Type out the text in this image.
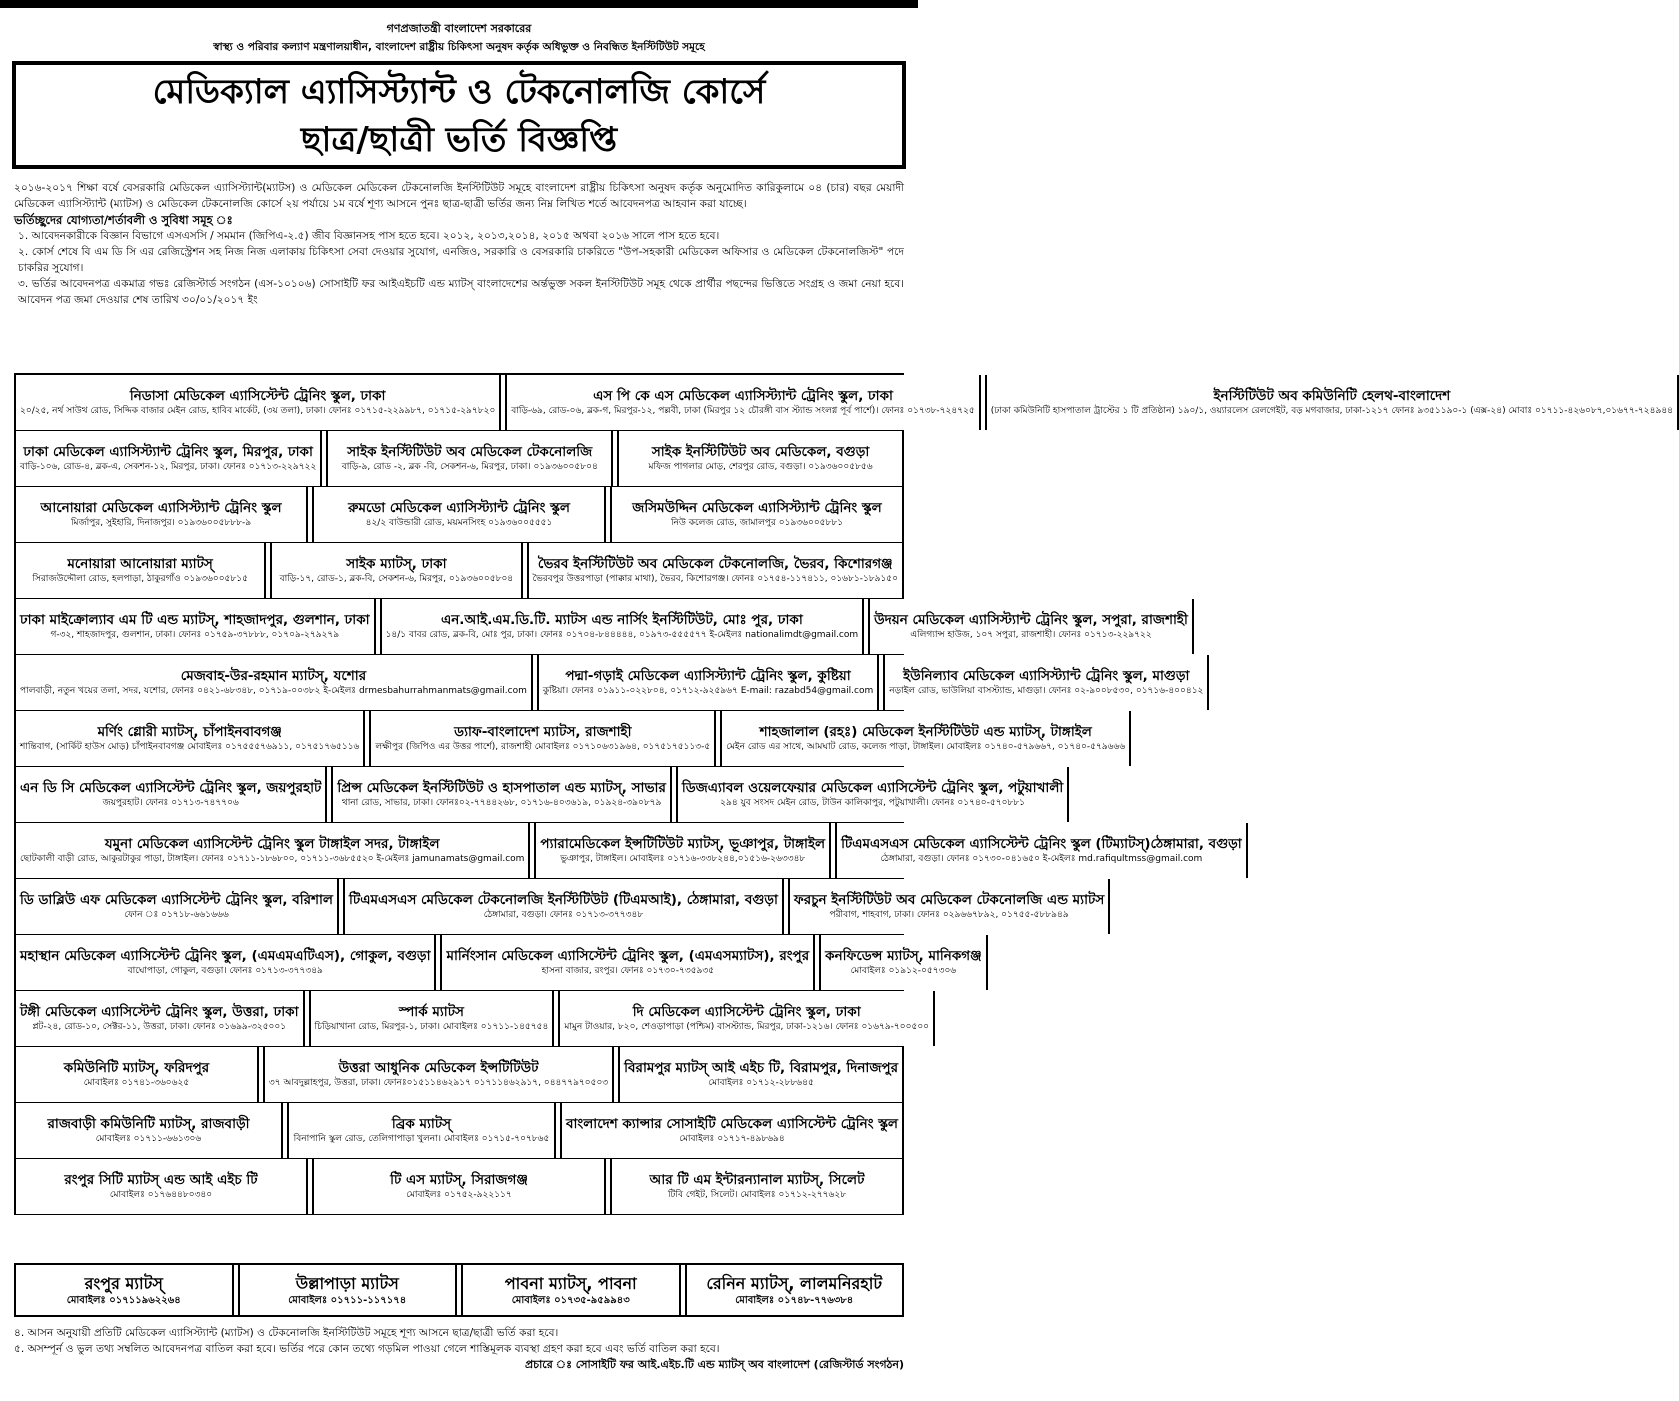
গণপ্রজাতন্ত্রী বাংলাদেশ সরকারের
স্বাস্থ্য ও পরিবার কল্যাণ মন্ত্রণালয়াধীন, বাংলাদেশ রাষ্ট্রীয় চিকিৎসা অনুষদ কর্তৃক অধিভুক্ত ও নিবন্ধিত ইনস্টিটিউট সমূহে
মেডিক্যাল এ্যাসিস্ট্যান্ট ও টেকনোলজি কোর্সে
ছাত্র/ছাত্রী ভর্তি বিজ্ঞপ্তি

২০১৬-২০১৭ শিক্ষা বর্ষে বেসরকারি মেডিকেল এ্যাসিস্ট্যান্ট(ম্যাটস) ও মেডিকেল মেডিকেল টেকনোলজি ইনস্টিটিউট সমূহে বাংলাদেশ রাষ্ট্রীয় চিকিৎসা অনুষদ কর্তৃক অনুমোদিত কারিকুলামে ০৪ (চার) বছর মেয়াদী মেডিকেল এ্যাসিস্ট্যান্ট (ম্যাটস) ও মেডিকেল টেকনোলজি কোর্সে ২য় পর্যায়ে ১ম বর্ষে শূণ্য আসনে পুনঃ ছাত্র-ছাত্রী ভর্তির জন্য নিম্ন লিখিত শর্তে আবেদনপত্র আহবান করা যাচ্ছে।

ভর্তিচ্ছুদের যোগ্যতা/শর্তাবলী ও সুবিধা সমূহ ঃ

১. আবেদনকারীকে বিজ্ঞান বিভাগে এসএসসি / সমমান (জিপিএ-২.৫) জীব বিজ্ঞানসহ পাস হতে হবে। ২০১২, ২০১৩,২০১৪, ২০১৫ অথবা ২০১৬ সালে পাস হতে হবে।

২. কোর্স শেষে বি এম ডি সি এর রেজিস্ট্রেশন সহ নিজ নিজ এলাকায় চিকিৎসা সেবা দেওয়ার সুযোগ, এনজিও, সরকারি ও বেসরকারি চাকরিতে "উপ-সহকারী মেডিকেল অফিসার ও মেডিকেল টেকনোলজিস্ট" পদে চাকরির সুযোগ।

৩. ভর্তির আবেদনপত্র একমাত্র গভঃ রেজিস্টার্ড সংগঠন (এস-১০১০৬) সোসাইটি ফর আইএইচটি এন্ড ম্যাটস্ বাংলাদেশের অর্ন্তভুক্ত সকল ইনস্টিটিউট সমূহ থেকে প্রার্থীর পছন্দের ভিত্তিতে সংগ্রহ ও জমা নেয়া হবে। আবেদন পত্র জমা দেওয়ার শেষ তারিখ ৩০/০১/২০১৭ ইং

নিডাসা মেডিকেল এ্যাসিস্টেন্ট ট্রেনিং স্কুল, ঢাকা
২০/২৫, নর্থ সাউথ রোড, সিদ্দিক বাজার মেইন রোড, হাবিব মার্কেট, (৩য় তলা), ঢাকা। ফোনঃ ০১৭১৫-২২৯৯৮৭, ০১৭১৫-২৯৭৮২০
এস পি কে এস মেডিকেল এ্যাসিস্ট্যান্ট ট্রেনিং স্কুল, ঢাকা
বাড়ি-৬৯, রোড-০৬, ব্লক-গ, মিরপুর-১২, পল্লবী, ঢাকা (মিরপুর ১২ চৌরঙ্গী বাস স্ট্যান্ড সংলগ্ন পূর্ব পার্শে)। ফোনঃ ০১৭৩৮-৭২৪৭২৫
ইনস্টিটিউট অব কমিউনিটি হেলথ-বাংলাদেশ
(ঢাকা কমিউনিটি হাসপাতাল ট্রাস্টের ১ টি প্রতিষ্ঠান) ১৯০/১, ওয়্যারলেস রেলগেইট, বড় মগবাজার, ঢাকা-১২১৭ ফোনঃ ৯৩৫১১৯০-১ (এক্স-২৪) মোবাঃ ০১৭১১-৪২৬০৮৭,০১৬৭৭-৭২৪৯৪৪
ঢাকা মেডিকেল এ্যাসিস্ট্যান্ট ট্রেনিং স্কুল, মিরপুর, ঢাকা
বাড়ি-১০৬, রোড-৪, ব্লক-এ, সেকশন-১২, মিরপুর, ঢাকা। ফোনঃ ০১৭১৩-২২৯৭২২
সাইক ইনস্টিটিউট অব মেডিকেল টেকনোলজি
বাড়ি-৯, রোড -২, ব্লক -বি, সেকশন-৬, মিরপুর, ঢাকা। ০১৯৩৬০০৫৮০৪
সাইক ইনস্টিটিউট অব মেডিকেল, বগুড়া
মফিজ পাগলার মোড়, শেরপুর রোড, বগুড়া। ০১৯৩৬০০৫৮৫৬
আনোয়ারা মেডিকেল এ্যাসিস্ট্যান্ট ট্রেনিং স্কুল
মির্জাপুর, সুইহারি, দিনাজপুর। ০১৯৩৬০০৫৮৮৮-৯
রুমডো মেডিকেল এ্যাসিস্ট্যান্ট ট্রেনিং স্কুল
৪২/২ বাউন্ডারী রোড, ময়মনসিংহ ০১৯৩৬০০৫৫৫১
জসিমউদ্দিন মেডিকেল এ্যাসিস্ট্যান্ট ট্রেনিং স্কুল
নিউ কলেজ রোড, জামালপুর ০১৯৩৬০০৫৮৮১
মনোয়ারা আনোয়ারা ম্যাটস্
সিরাজউদ্দৌলা রোড, হলপাড়া, ঠাকুরগাঁও ০১৯৩৬০০৫৮১৫
সাইক ম্যাটস্, ঢাকা
বাড়ি-১৭, রোড-১, ব্লক-বি, সেকশন-৬, মিরপুর, ০১৯৩৬০০৫৮০৪
ভৈরব ইনস্টিটিউট অব মেডিকেল টেকনোলজি, ভৈরব, কিশোরগঞ্জ
ভৈরবপুর উত্তরপাড়া (পাক্কার মাথা), ভৈরব, কিশোরগঞ্জ। ফোনঃ ০১৭৫৪-১১৭৪১১, ০১৬৮১-১৮৯১৫০
ঢাকা মাইক্রোল্যাব এম টি এন্ড ম্যাটস্, শাহজাদপুর, গুলশান, ঢাকা
গ-৩২, শাহজাদপুর, গুলশান, ঢাকা। ফোনঃ ০১৭৫৯-৩৭৮৮৮, ০১৭০৯-২৭৯২৭৯
এন.আই.এম.ডি.টি. ম্যাটস এন্ড নার্সিং ইনস্টিটিউট, মোঃ পুর, ঢাকা
১৪/১ বাবর রোড, ব্লক-বি, মোঃ পুর, ঢাকা। ফোনঃ ০১৭০৪-৮৪৪৪৪৪, ০১৯৭৩-৫৫৫৫৭৭ ই-মেইলঃ nationalimdt@gmail.com
উদয়ন মেডিকেল এ্যাসিস্ট্যান্ট ট্রেনিং স্কুল, সপুরা, রাজশাহী
এলিগ্যান্স হাউজ, ১০৭ সপুরা, রাজশাহী। ফোনঃ ০১৭১৩-২২৯৭২২
মেজবাহ-উর-রহমান ম্যাটস্, যশোর
পালবাড়ী, নতুন খয়ের তলা, সদর, যশোর, ফোনঃ ০৪২১-৬৮৩৪৮, ০১৭১৯-০০৩৮২ ই-মেইলঃ drmesbahurrahmanmats@gmail.com
পদ্মা-গড়াই মেডিকেল এ্যাসিস্ট্যান্ট ট্রেনিং স্কুল, কুষ্টিয়া
কুষ্টিয়া। ফোনঃ ০১৯১১-০২২৮০৪, ০১৭১২-৯২৫৯৬৭ E-mail: razabd54@gmail.com
ইউনিল্যাব মেডিকেল এ্যাসিস্ট্যান্ট ট্রেনিং স্কুল, মাগুড়া
নড়াইল রোড, ভাউলিয়া বাসস্ট্যান্ড, মাগুড়া। ফোনঃ ০২-৯০০৮৫৩০, ০১৭১৬-৪০০৪১২
মর্ণিং গ্লোরী ম্যাটস্, চাঁপাইনবাবগঞ্জ
শান্তিবাগ, (সার্কিট হাউস মোড়) চাঁপাইনবাবগঞ্জ মোবাইলঃ ০১৭৫৫৫৭৬৯১১, ০১৭৫১৭৬৫১১৬
ড্যাফ-বাংলাদেশ ম্যাটস, রাজশাহী
লক্ষীপুর (জিপিও এর উত্তর পার্শে), রাজশাহী মোবাইলঃ ০১৭১০৬৩১৯৬৪, ০১৭৫১৭৫১১৩-৫
শাহজালাল (রহঃ) মেডিকেল ইনস্টিটিউট এন্ড ম্যাটস্, টাঙ্গাইল
মেইন রোড এর সাথে, আমঘাট রোড, কলেজ পাড়া, টাঙ্গাইল। মোবাইলঃ ০১৭৪০-৫৭৯৬৬৭, ০১৭৪০-৫৭৯৬৬৬
এন ডি সি মেডিকেল এ্যাসিস্টেন্ট ট্রেনিং স্কুল, জয়পুরহাট
জয়পুরহাট। ফোনঃ ০১৭১৩-৭৪৭৭০৬
প্রিন্স মেডিকেল ইনস্টিটিউট ও হাসপাতাল এন্ড ম্যাটস্, সাভার
থানা রোড, সাভার, ঢাকা। ফোনঃ০২-৭৭৪৪২৬৮, ০১৭১৬-৪০৩৬১৯, ০১৯২৪-৩৯০৮৭৯
ডিজএ্যাবল ওয়েলফেয়ার মেডিকেল এ্যাসিস্টেন্ট ট্রেনিং স্কুল, পটুয়াখালী
২৯৪ যুব সংসদ মেইন রোড, টাউন কালিকাপুর, পটুয়াখালী। ফোনঃ ০১৭৪০-৫৭০৮৮১
যমুনা মেডিকেল এ্যাসিস্টেন্ট ট্রেনিং স্কুল টাঙ্গাইল সদর, টাঙ্গাইল
ছোটকালী বাড়ী রোড, আকুরটাকুর পাড়া, টাঙ্গাইল। ফোনঃ ০১৭১১-১৮৬৮০০, ০১৭১১-৩৬৮৫৫২০ ই-মেইলঃ jamunamats@gmail.com
প্যারামেডিকেল ইন্সটিটিউট ম্যাটস্, ভূঞাপুর, টাঙ্গাইল
ভুঞাপুর, টাঙ্গাইল। মোবাইলঃ ০১৭১৬-৩৩৮২৪৪,০১৫১৬-২৬৩৩৪৮
টিএমএসএস মেডিকেল এ্যাসিস্টেন্ট ট্রেনিং স্কুল (টিম্যাটস্)ঠেঙ্গামারা, বগুড়া
ঠেঙ্গামারা, বগুড়া। ফোনঃ ০১৭৩০-০৪১৬৫০ ই-মেইলঃ md.rafiqultmss@gmail.com
ডি ডাব্লিউ এফ মেডিকেল এ্যাসিস্টেন্ট ট্রেনিং স্কুল, বরিশাল
ফোন ঃ ০১৭১৮-৬৬১৬৬৬
টিএমএসএস মেডিকেল টেকনোলজি ইনস্টিটিউট (টিএমআই), ঠেঙ্গামারা, বগুড়া
ঠেঙ্গামারা, বগুড়া। ফোনঃ ০১৭১৩-৩৭৭৩৪৮
ফরচুন ইনস্টিটিউট অব মেডিকেল টেকনোলজি এন্ড ম্যাটস
পরীবাগ, শাহবাগ, ঢাকা। ফোনঃ ০২৯৬৬৭৮৯২, ০১৭৫৫-৫৮৮৯৪৯
মহাস্থান মেডিকেল এ্যাসিস্টেন্ট ট্রেনিং স্কুল, (এমএমএটিএস), গোকুল, বগুড়া
বাঘোপাড়া, গোকুল, বগুড়া। ফোনঃ ০১৭১৩-৩৭৭৩৪৯
মার্নিংসান মেডিকেল এ্যাসিস্টেন্ট ট্রেনিং স্কুল, (এমএসম্যাটস), রংপুর
হাসনা বাজার, রংপুর। ফোনঃ ০১৭৩০-৭৩৫৯৩৫
কনফিডেন্স ম্যাটস্, মানিকগঞ্জ
মোবাইলঃ ০১৯১২-০৫৭৩০৬
টঙ্গী মেডিকেল এ্যাসিস্টেন্ট ট্রেনিং স্কুল, উত্তরা, ঢাকা
প্লট-২৪, রোড-১০, সেক্টর-১১, উত্তরা, ঢাকা। ফোনঃ ০১৬৯৯-৩২৫০০১
স্পার্ক ম্যাটস
চিড়িয়াখানা রোড, মিরপুর-১, ঢাকা। মোবাইলঃ ০১৭১১-১৪৫৭৫৪
দি মেডিকেল এ্যাসিস্টেন্ট ট্রেনিং স্কুল, ঢাকা
মামুন টাওয়ার, ৮২০, শেওড়াপাড়া (পশ্চিম) বাসস্ট্যান্ড, মিরপুর, ঢাকা-১২১৬। ফোনঃ ০১৬৭৯-৭০০৫০০
কমিউনিটি ম্যাটস্, ফরিদপুর
মোবাইলঃ ০১৭৪১-৩৬০৬২৫
উত্তরা আধুনিক মেডিকেল ইন্সটিটিউট
৩৭ আবদুল্লাহপুর, উত্তরা, ঢাকা। ফোনঃ০১৫১১৪৬২৯১৭ ০১৭১১৪৬২৯১৭, ০৪৪৭৭৯৭০৫০৩
বিরামপুর ম্যাটস্ আই এইচ টি, বিরামপুর, দিনাজপুর
মোবাইলঃ ০১৭১২-২৮৮৬৪৫
রাজবাড়ী কমিউনিটি ম্যাটস্, রাজবাড়ী
মোবাইলঃ ০১৭১১-৬৬১৩০৬
ব্রিক ম্যাটস্
বিনাপানি স্কুল রোড, তেলিগাপাড়া খুলনা। মোবাইলঃ ০১৭১৫-৭০৭৮৬৫
বাংলাদেশ ক্যান্সার সোসাইটি মেডিকেল এ্যাসিস্টেন্ট ট্রেনিং স্কুল
মোবাইলঃ ০১৭১৭-৪৯৮৬৯৪
রংপুর সিটি ম্যাটস্ এন্ড আই এইচ টি
মোবাইলঃ ০১৭৬৪৪৮০৩৪০
টি এস ম্যাটস্, সিরাজগঞ্জ
মোবাইলঃ ০১৭৫২-৯২২১১৭
আর টি এম ইন্টারন্যানাল ম্যাটস্, সিলেট
টিবি গেইট, সিলেট। মোবাইলঃ ০১৭১২-২৭৭৬২৮
রংপুর ম্যাটস্
মোবাইলঃ ০১৭১১৯৬২২৬৪
উল্লাপাড়া ম্যাটস
মোবাইলঃ ০১৭১১-১১৭১৭৪
পাবনা ম্যাটস্, পাবনা
মোবাইলঃ ০১৭৩৫-৯৫৯৯৪৩
রেনিন ম্যাটস্, লালমনিরহাট
মোবাইলঃ ০১৭৪৮-৭৭৬৩৮৪

৪. আসন অনুযায়ী প্রতিটি মেডিকেল এ্যাসিস্ট্যান্ট (ম্যাটস) ও টেকনোলজি ইনস্টিটিউট সমূহে শূণ্য আসনে ছাত্র/ছাত্রী ভর্তি করা হবে।

৫. অসম্পূর্ন ও ভুল তথ্য সম্বলিত আবেদনপত্র বাতিল করা হবে। ভর্তির পরে কোন তথ্যে গড়মিল পাওয়া গেলে শাস্তিমূলক ব্যবস্থা গ্রহণ করা হবে এবং ভর্তি বাতিল করা হবে।

প্রচারে ঃ সোসাইটি ফর আই.এইচ.টি এন্ড ম্যাটস্ অব বাংলাদেশ (রেজিস্টার্ড সংগঠন)
